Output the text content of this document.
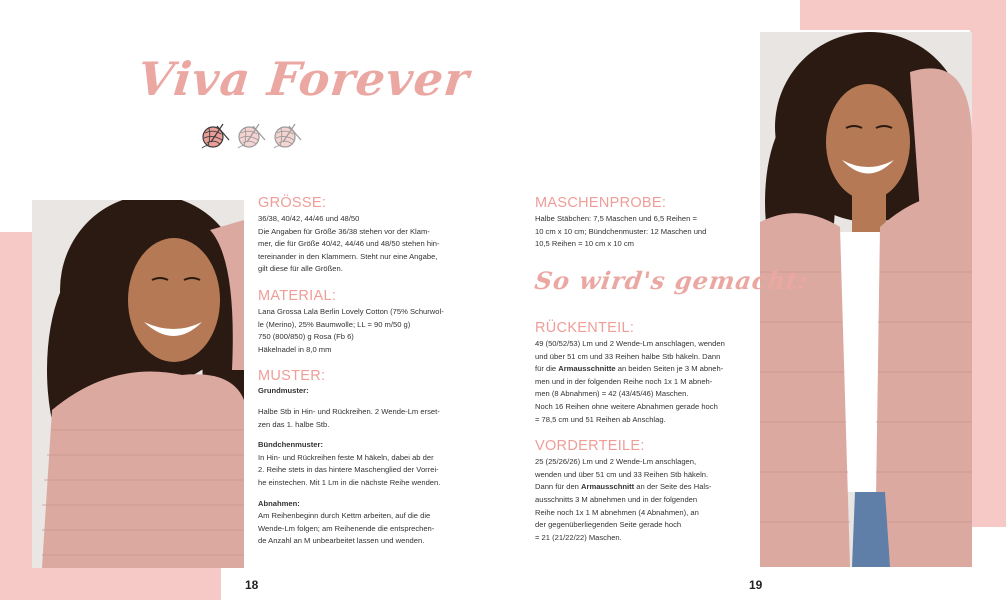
Viva Forever
GRÖSSE:

36/38, 40/42, 44/46 und 48/50

Die Angaben für Größe 36/38 stehen vor der Klam-

mer, die für Größe 40/42, 44/46 und 48/50 stehen hin-

tereinander in den Klammern. Steht nur eine Angabe,

gilt diese für alle Größen.

MATERIAL:

Lana Grossa Lala Berlin Lovely Cotton (75% Schurwol-

le (Merino), 25% Baumwolle; LL = 90 m/50 g)

750 (800/850) g Rosa (Fb 6)

Häkelnadel in 8,0 mm

MUSTER:

Grundmuster:

Halbe Stb in Hin- und Rückreihen. 2 Wende-Lm erset-

zen das 1. halbe Stb.

Bündchenmuster:

In Hin- und Rückreihen feste M häkeln, dabei ab der

2. Reihe stets in das hintere Maschenglied der Vorrei-

he einstechen. Mit 1 Lm in die nächste Reihe wenden.

Abnahmen:

Am Reihenbeginn durch Kettm arbeiten, auf die die

Wende-Lm folgen; am Reihenende die entsprechen-

de Anzahl an M unbearbeitet lassen und wenden.

MASCHENPROBE:

Halbe Stäbchen: 7,5 Maschen und 6,5 Reihen =

10 cm x 10 cm; Bündchenmuster: 12 Maschen und

10,5 Reihen = 10 cm x 10 cm

So wird's gemacht:
RÜCKENTEIL:

49 (50/52/53) Lm und 2 Wende-Lm anschlagen, wenden

und über 51 cm und 33 Reihen halbe Stb häkeln. Dann

für die Armausschnitte an beiden Seiten je 3 M abneh-

men und in der folgenden Reihe noch 1x 1 M abneh-

men (8 Abnahmen) = 42 (43/45/46) Maschen.

Noch 16 Reihen ohne weitere Abnahmen gerade hoch

= 78,5 cm und 51 Reihen ab Anschlag.

VORDERTEILE:

25 (25/26/26) Lm und 2 Wende-Lm anschlagen,

wenden und über 51 cm und 33 Reihen Stb häkeln.

Dann für den Armausschnitt an der Seite des Hals-

ausschnitts 3 M abnehmen und in der folgenden

Reihe noch 1x 1 M abnehmen (4 Abnahmen), an

der gegenüberliegenden Seite gerade hoch

= 21 (21/22/22) Maschen.

18	19
